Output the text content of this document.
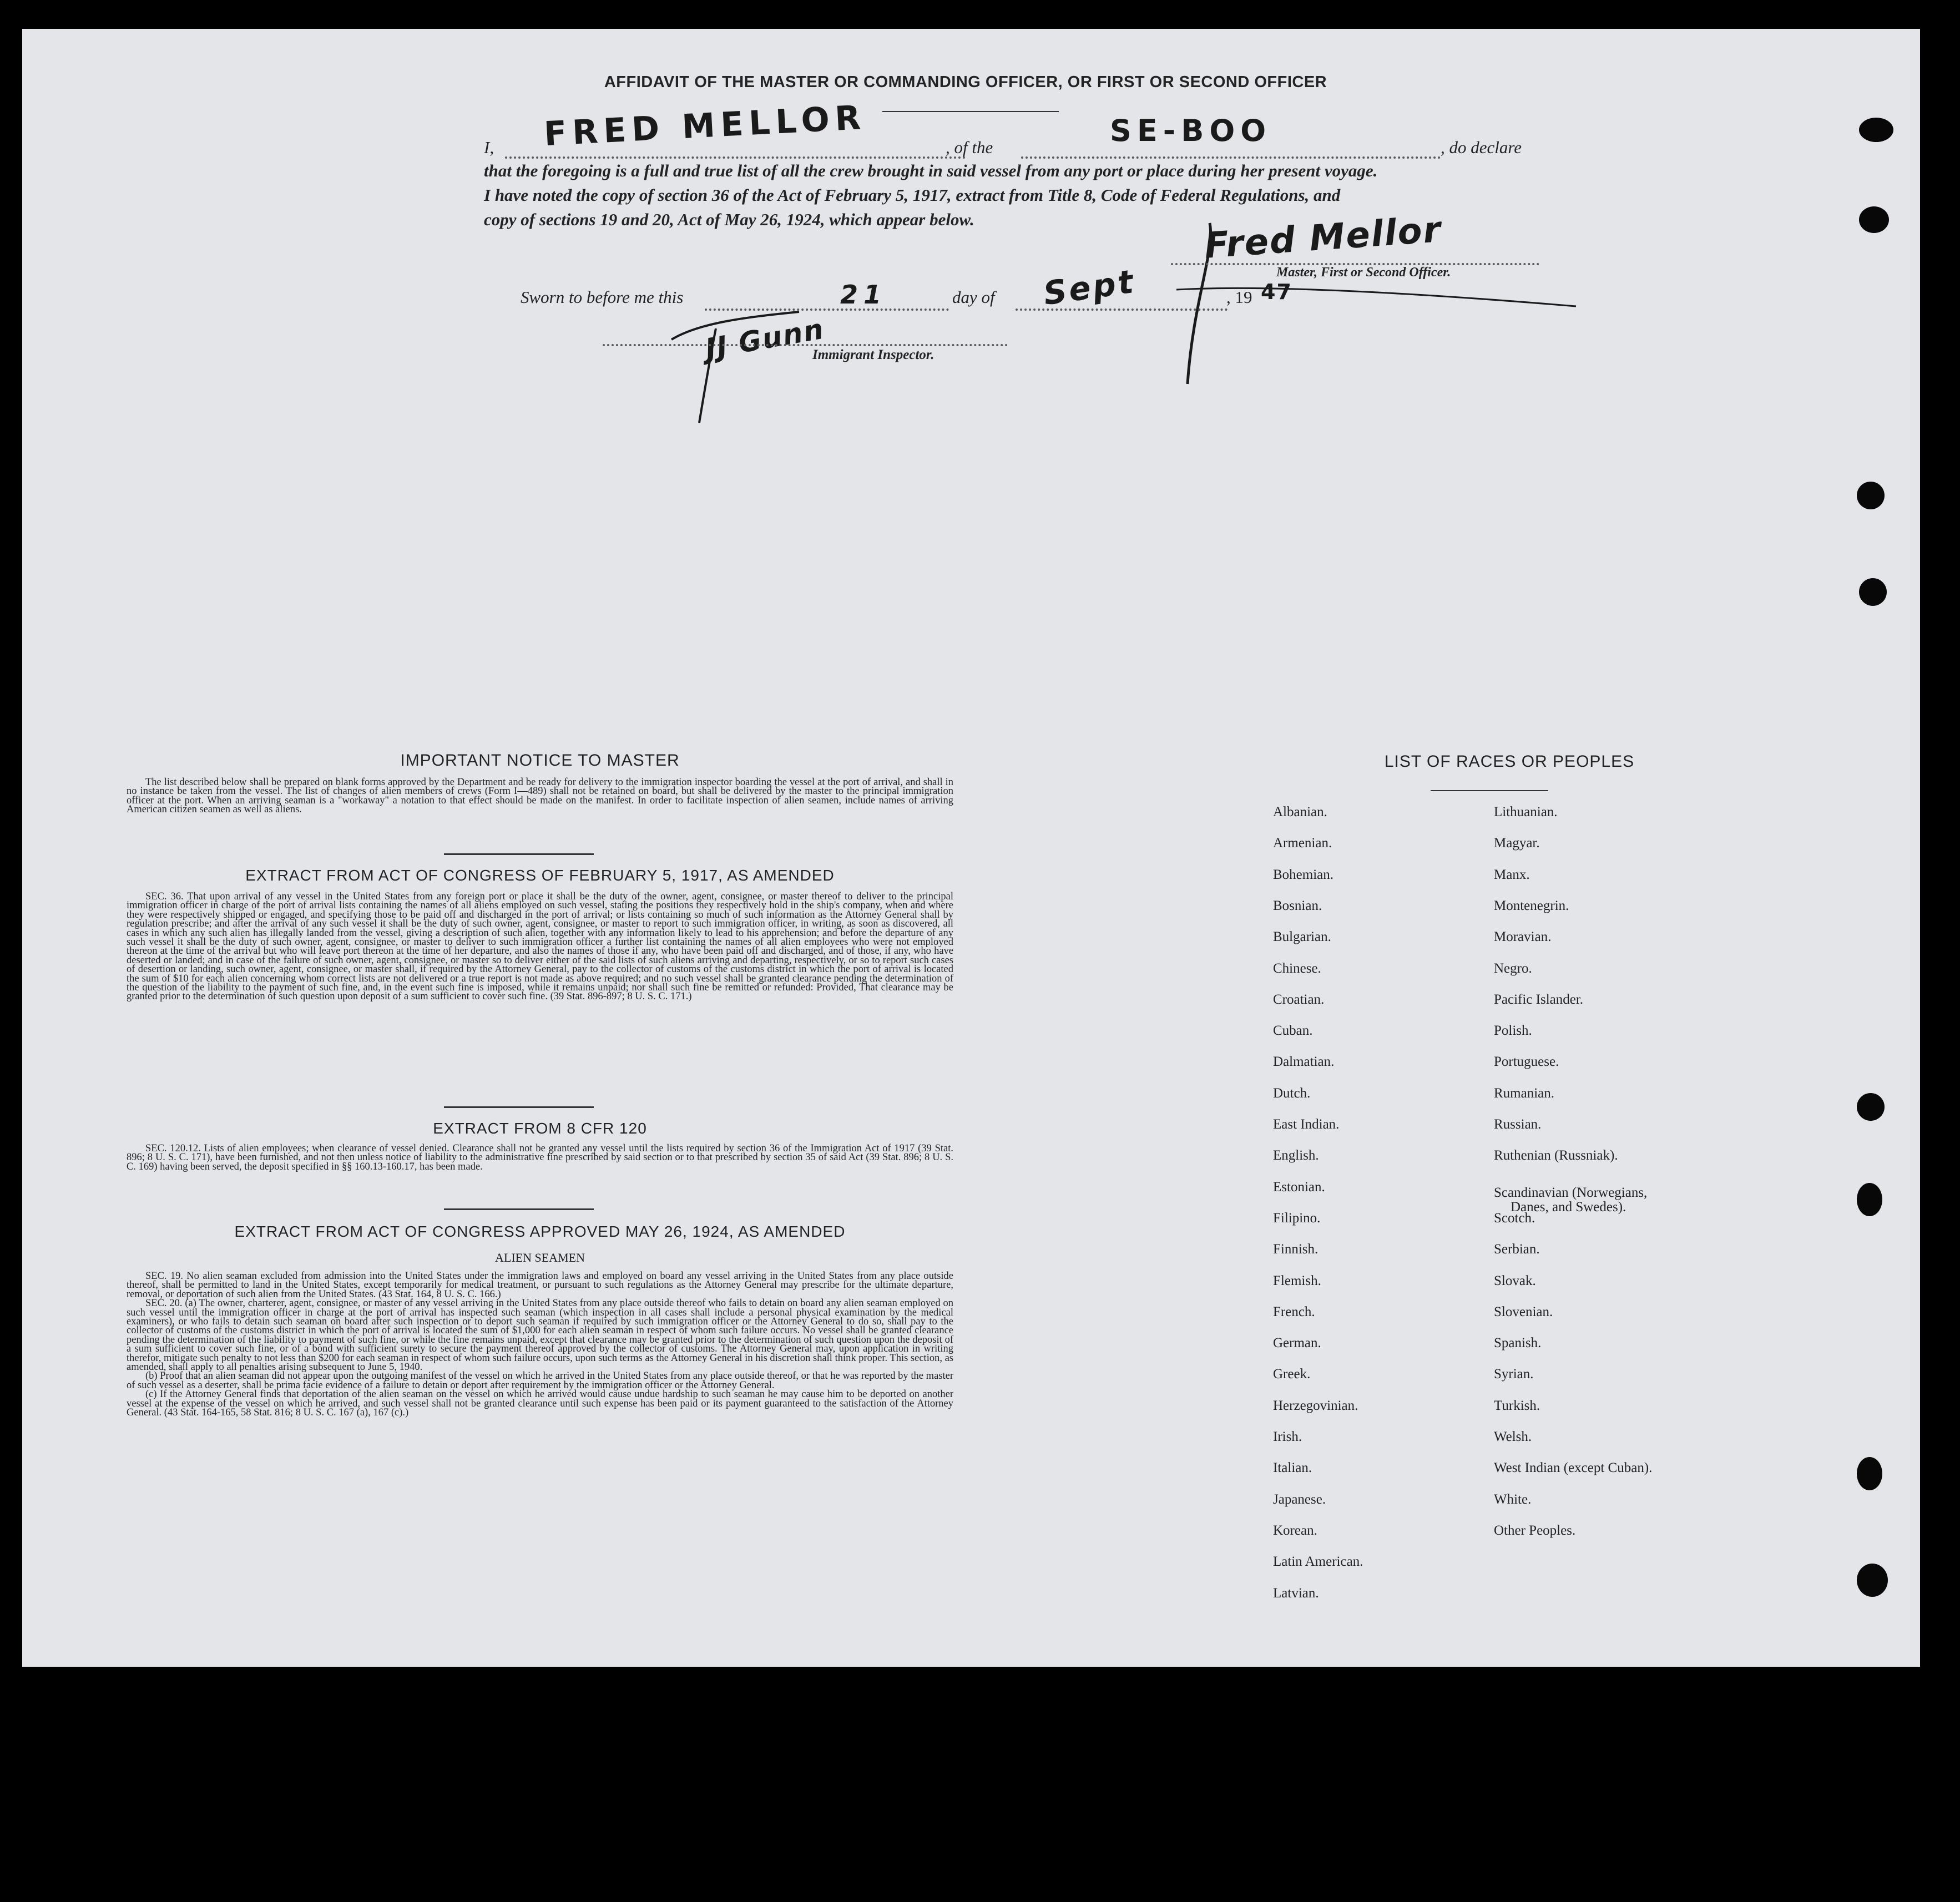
AFFIDAVIT OF THE MASTER OR COMMANDING OFFICER, OR FIRST OR SECOND OFFICER
I, FRED MELLOR	, of the	SE-BOO	, do declare
that the foregoing is a full and true list of all the crew brought in said vessel from any port or place during her present voyage.
I have noted the copy of section 36 of the Act of February 5, 1917, extract from Title 8, Code of Federal Regulations, and
copy of sections 19 and 20, Act of May 26, 1924, which appear below.	Fred Mellor
Master, First or Second Officer.
Sworn to before me this	21	day of Sept	, 19 47
JJ Gunn
Immigrant Inspector.
IMPORTANT NOTICE TO MASTER

The list described below shall be prepared on blank forms approved by the Department and be ready for delivery to the immigration inspector boarding the vessel at the port of arrival, and shall in no instance be taken from the vessel. The list of changes of alien members of crews (Form I—489) shall not be retained on board, but shall be delivered by the master to the principal immigration officer at the port. When an arriving seaman is a "workaway" a notation to that effect should be made on the manifest. In order to facilitate inspection of alien seamen, include names of arriving American citizen seamen as well as aliens.

EXTRACT FROM ACT OF CONGRESS OF FEBRUARY 5, 1917, AS AMENDED

SEC. 36. That upon arrival of any vessel in the United States from any foreign port or place it shall be the duty of the owner, agent, consignee, or master thereof to deliver to the principal immigration officer in charge of the port of arrival lists containing the names of all aliens employed on such vessel, stating the positions they respectively hold in the ship's company, when and where they were respectively shipped or engaged, and specifying those to be paid off and discharged in the port of arrival; or lists containing so much of such information as the Attorney General shall by regulation prescribe; and after the arrival of any such vessel it shall be the duty of such owner, agent, consignee, or master to report to such immigration officer, in writing, as soon as discovered, all cases in which any such alien has illegally landed from the vessel, giving a description of such alien, together with any information likely to lead to his apprehension; and before the departure of any such vessel it shall be the duty of such owner, agent, consignee, or master to deliver to such immigration officer a further list containing the names of all alien employees who were not employed thereon at the time of the arrival but who will leave port thereon at the time of her departure, and also the names of those if any, who have been paid off and discharged, and of those, if any, who have deserted or landed; and in case of the failure of such owner, agent, consignee, or master so to deliver either of the said lists of such aliens arriving and departing, respectively, or so to report such cases of desertion or landing, such owner, agent, consignee, or master shall, if required by the Attorney General, pay to the collector of customs of the customs district in which the port of arrival is located the sum of $10 for each alien concerning whom correct lists are not delivered or a true report is not made as above required; and no such vessel shall be granted clearance pending the determination of the question of the liability to the payment of such fine, and, in the event such fine is imposed, while it remains unpaid; nor shall such fine be remitted or refunded: Provided, That clearance may be granted prior to the determination of such question upon deposit of a sum sufficient to cover such fine. (39 Stat. 896-897; 8 U. S. C. 171.)

EXTRACT FROM 8 CFR 120

SEC. 120.12. Lists of alien employees; when clearance of vessel denied. Clearance shall not be granted any vessel until the lists required by section 36 of the Immigration Act of 1917 (39 Stat. 896; 8 U. S. C. 171), have been furnished, and not then unless notice of liability to the administrative fine prescribed by said section or to that prescribed by section 35 of said Act (39 Stat. 896; 8 U. S. C. 169) having been served, the deposit specified in §§ 160.13-160.17, has been made.

EXTRACT FROM ACT OF CONGRESS APPROVED MAY 26, 1924, AS AMENDED
ALIEN SEAMEN

SEC. 19. No alien seaman excluded from admission into the United States under the immigration laws and employed on board any vessel arriving in the United States from any place outside thereof, shall be permitted to land in the United States, except temporarily for medical treatment, or pursuant to such regulations as the Attorney General may prescribe for the ultimate departure, removal, or deportation of such alien from the United States. (43 Stat. 164, 8 U. S. C. 166.)

SEC. 20. (a) The owner, charterer, agent, consignee, or master of any vessel arriving in the United States from any place outside thereof who fails to detain on board any alien seaman employed on such vessel until the immigration officer in charge at the port of arrival has inspected such seaman (which inspection in all cases shall include a personal physical examination by the medical examiners), or who fails to detain such seaman on board after such inspection or to deport such seaman if required by such immigration officer or the Attorney General to do so, shall pay to the collector of customs of the customs district in which the port of arrival is located the sum of $1,000 for each alien seaman in respect of whom such failure occurs. No vessel shall be granted clearance pending the determination of the liability to payment of such fine, or while the fine remains unpaid, except that clearance may be granted prior to the determination of such question upon the deposit of a sum sufficient to cover such fine, or of a bond with sufficient surety to secure the payment thereof approved by the collector of customs. The Attorney General may, upon application in writing therefor, mitigate such penalty to not less than $200 for each seaman in respect of whom such failure occurs, upon such terms as the Attorney General in his discretion shall think proper. This section, as amended, shall apply to all penalties arising subsequent to June 5, 1940.

(b) Proof that an alien seaman did not appear upon the outgoing manifest of the vessel on which he arrived in the United States from any place outside thereof, or that he was reported by the master of such vessel as a deserter, shall be prima facie evidence of a failure to detain or deport after requirement by the immigration officer or the Attorney General.

(c) If the Attorney General finds that deportation of the alien seaman on the vessel on which he arrived would cause undue hardship to such seaman he may cause him to be deported on another vessel at the expense of the vessel on which he arrived, and such vessel shall not be granted clearance until such expense has been paid or its payment guaranteed to the satisfaction of the Attorney General. (43 Stat. 164-165, 58 Stat. 816; 8 U. S. C. 167 (a), 167 (c).)

LIST OF RACES OR PEOPLES
Albanian.
Armenian.
Bohemian.
Bosnian.
Bulgarian.
Chinese.
Croatian.
Cuban.
Dalmatian.
Dutch.
East Indian.
English.
Estonian.
Filipino.
Finnish.
Flemish.
French.
German.
Greek.
Herzegovinian.
Irish.
Italian.
Japanese.
Korean.
Latin American.
Latvian.
Lithuanian.
Magyar.
Manx.
Montenegrin.
Moravian.
Negro.
Pacific Islander.
Polish.
Portuguese.
Rumanian.
Russian.
Ruthenian (Russniak).
Scandinavian (Norwegians,
Danes, and Swedes).
Scotch.
Serbian.
Slovak.
Slovenian.
Spanish.
Syrian.
Turkish.
Welsh.
West Indian (except Cuban).
White.
Other Peoples.
